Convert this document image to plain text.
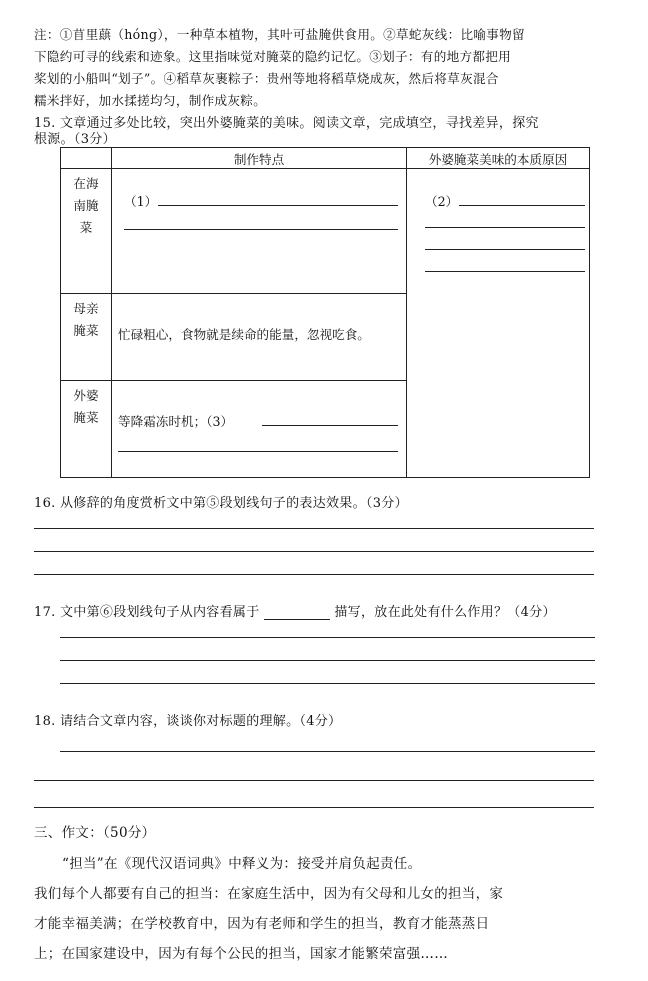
注：①苜里蕻（hóng），一种草本植物，其叶可盐腌供食用。②草蛇灰线：比喻事物留
下隐约可寻的线索和迹象。这里指味觉对腌菜的隐约记忆。③划子：有的地方都把用
桨划的小船叫“划子”。④稻草灰裹粽子：贵州等地将稻草烧成灰，然后将草灰混合
糯米拌好，加水揉搓均匀，制作成灰粽。
15. 文章通过多处比较，突出外婆腌菜的美味。阅读文章，完成填空，寻找差异，探究
根源。（3分）
	制作特点	外婆腌菜美味的本质原因

在海南腌菜	（1）	（2）

母亲腌菜	忙碌粗心，食物就是续命的能量，忽视吃食。	

外婆腌菜	等降霜冻时机；（3）	
16. 从修辞的角度赏析文中第⑤段划线句子的表达效果。（3分）
17. 文中第⑥段划线句子从内容看属于	描写，放在此处有什么作用？（4分）
18. 请结合文章内容，谈谈你对标题的理解。（4分）
三、作文：（50分）
“担当”在《现代汉语词典》中释义为：接受并肩负起责任。
我们每个人都要有自己的担当：在家庭生活中，因为有父母和儿女的担当，家
才能幸福美满；在学校教育中，因为有老师和学生的担当，教育才能蒸蒸日
上；在国家建设中，因为有每个公民的担当，国家才能繁荣富强……
